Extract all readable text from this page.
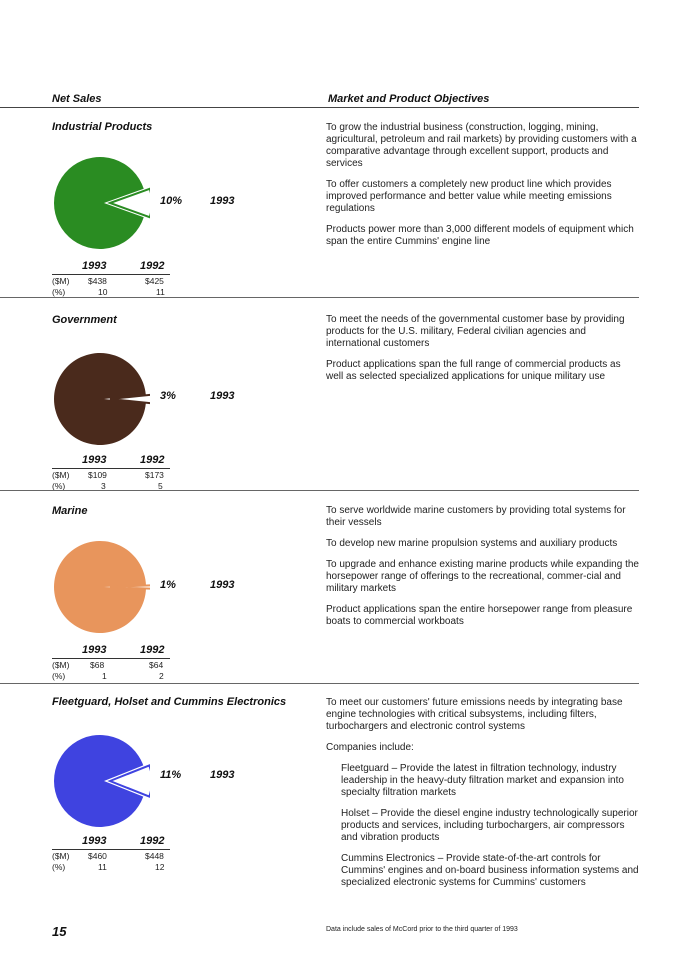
Net Sales	Market and Product Objectives
Industrial Products
10%	1993
1993	1992
($M) $438	$425
(%)	10	11

To grow the industrial business (construction, logging, mining, agricultural, petroleum and rail markets) by providing customers with a comparative advantage through excellent support, products and services

To offer customers a completely new product line which provides improved performance and better value while meeting emissions regulations

Products power more than 3,000 different models of equipment which span the entire Cummins' engine line

Government
3%	1993
1993	1992
($M) $109	$173
(%)	3	5

To meet the needs of the governmental customer base by providing products for the U.S. military, Federal civilian agencies and international customers

Product applications span the full range of commercial products as well as selected specialized applications for unique military use

Marine
1%	1993
1993	1992
($M) $68	$64
(%)	1	2

To serve worldwide marine customers by providing total systems for their vessels

To develop new marine propulsion systems and auxiliary products

To upgrade and enhance existing marine products while expanding the horsepower range of offerings to the recreational, commer-cial and military markets

Product applications span the entire horsepower range from pleasure boats to commercial workboats

Fleetguard, Holset and Cummins Electronics
11%	1993
1993	1992
($M) $460	$448
(%)	11	12

To meet our customers' future emissions needs by integrating base engine technologies with critical subsystems, including filters, turbochargers and electronic control systems

Companies include:

Fleetguard – Provide the latest in filtration technology, industry leadership in the heavy-duty filtration market and expansion into specialty filtration markets

Holset – Provide the diesel engine industry technologically superior products and services, including turbochargers, air compressors and vibration products

Cummins Electronics – Provide state-of-the-art controls for Cummins' engines and on-board business information systems and specialized electronic systems for Cummins' customers

15	Data include sales of McCord prior to the third quarter of 1993
